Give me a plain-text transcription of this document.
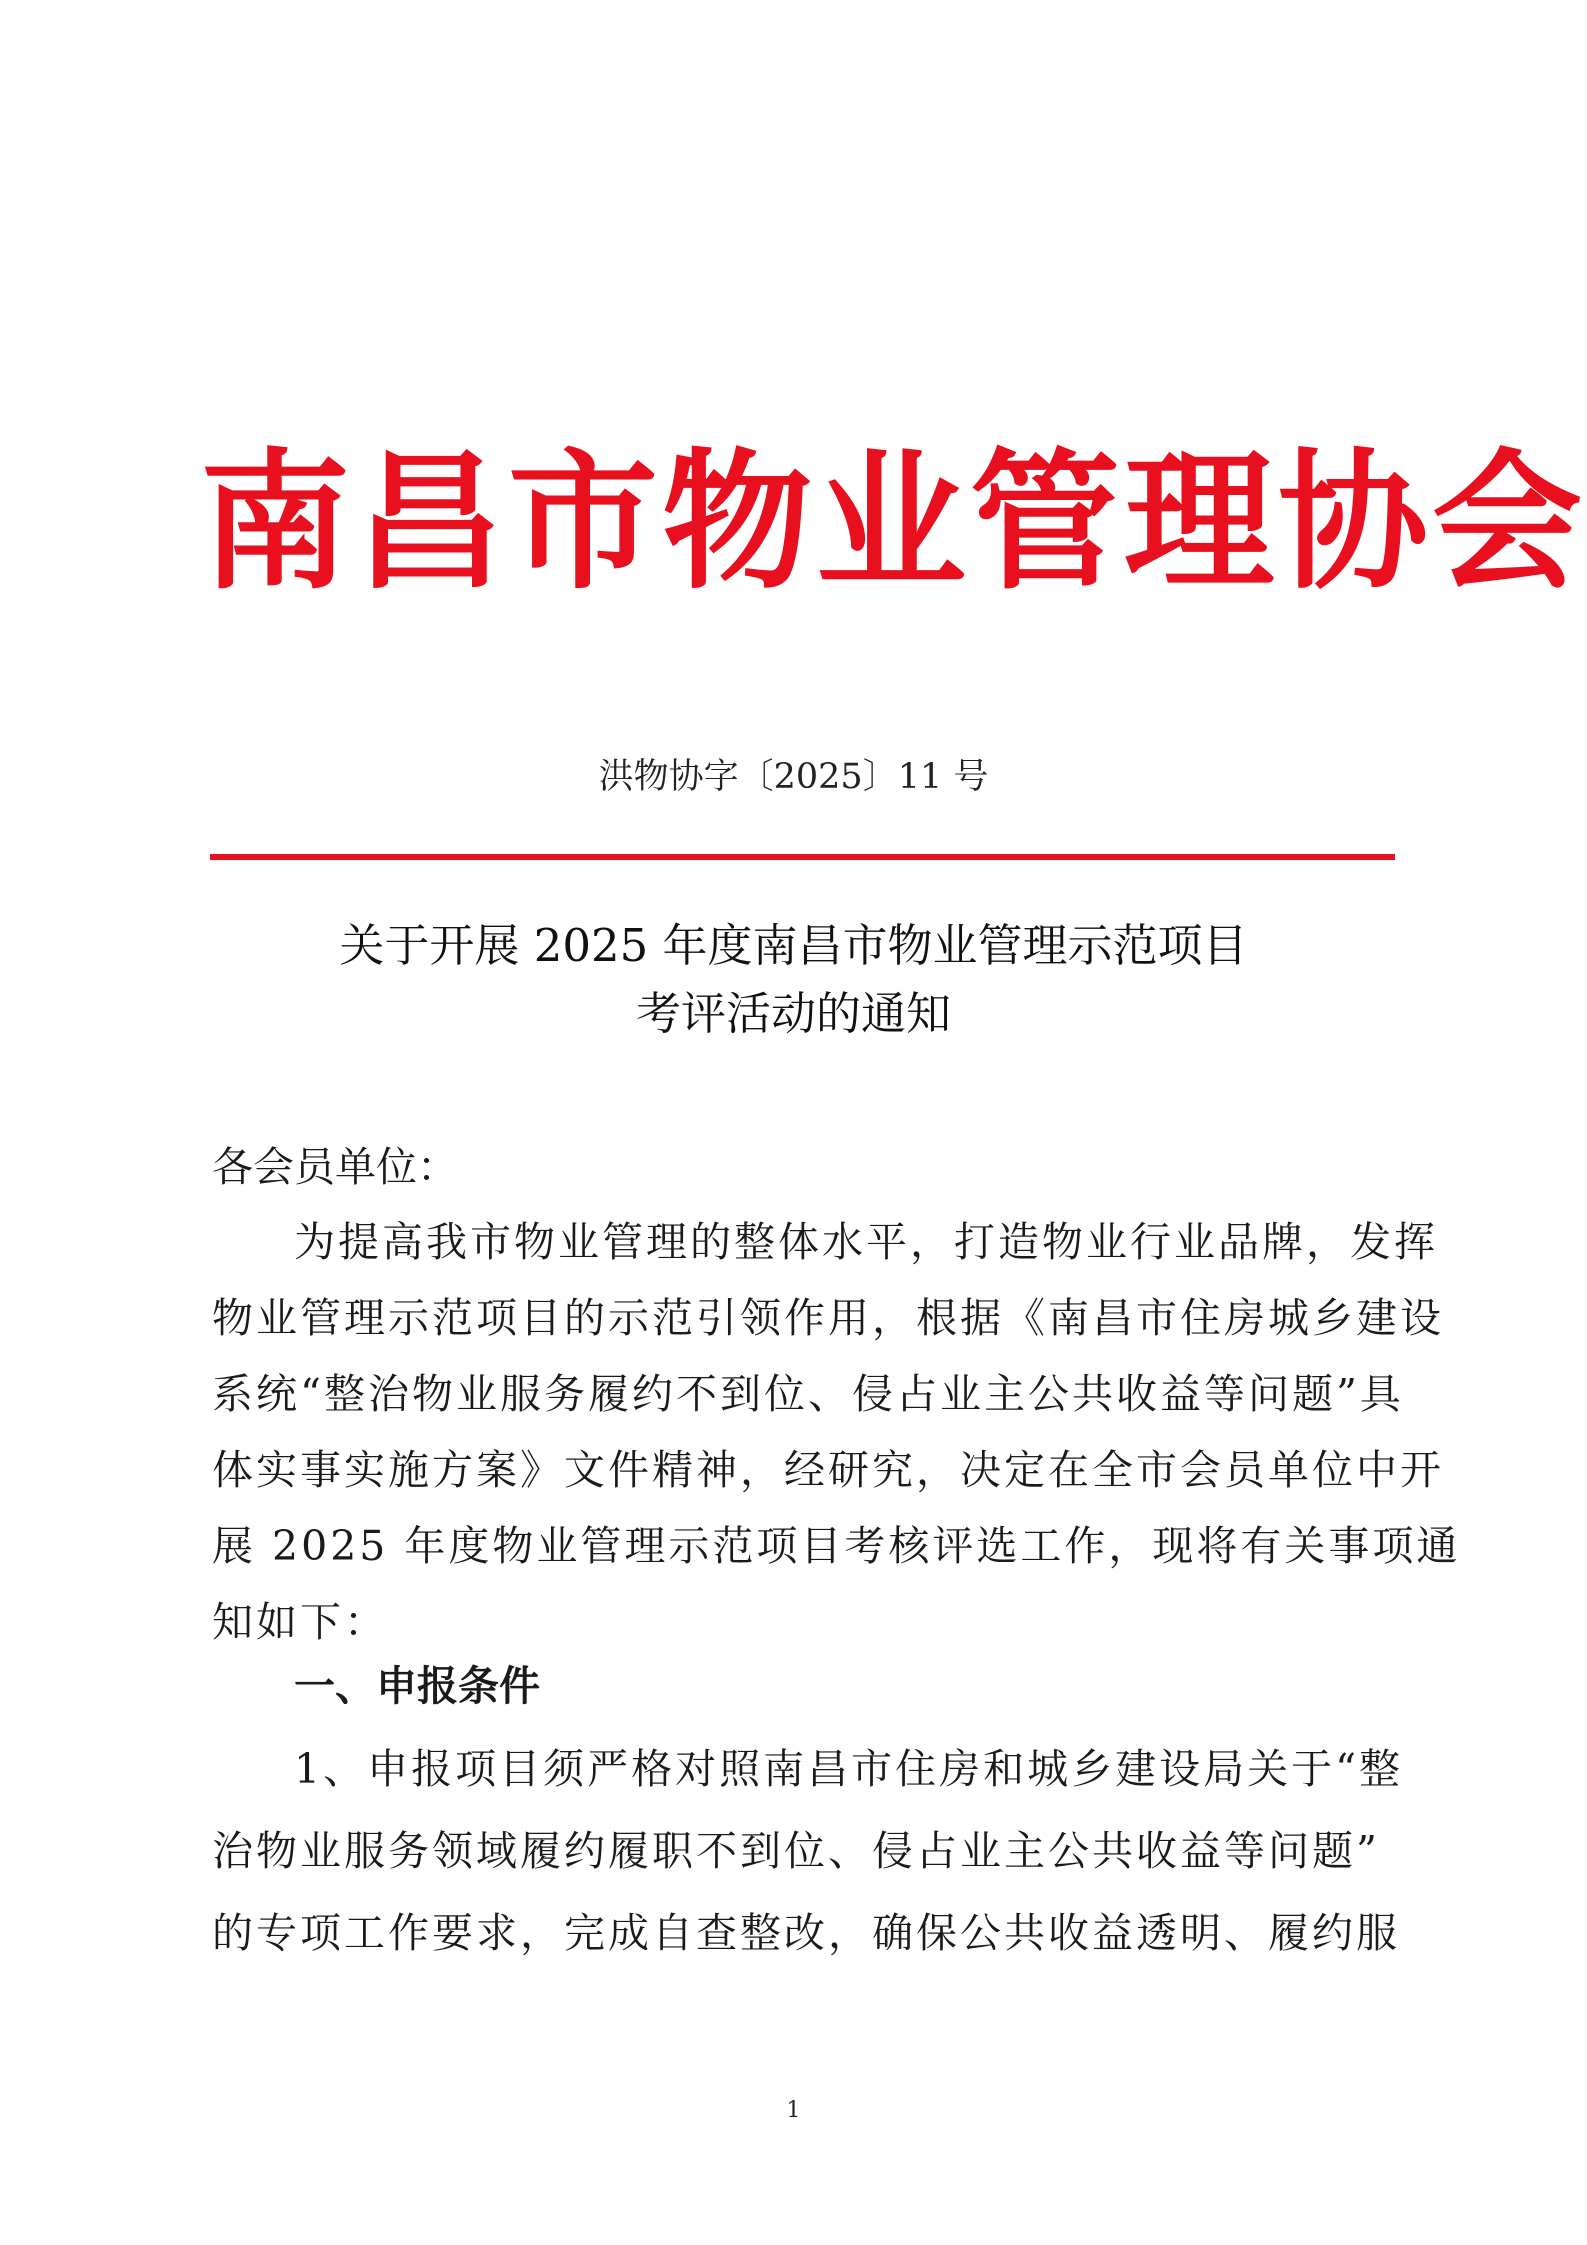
南昌市物业管理协会
洪物协字〔2025〕11 号
关于开展 2025 年度南昌市物业管理示范项目
考评活动的通知
各会员单位：
为提高我市物业管理的整体水平，打造物业行业品牌，发挥
物业管理示范项目的示范引领作用，根据《南昌市住房城乡建设
系统“整治物业服务履约不到位、侵占业主公共收益等问题”具
体实事实施方案》文件精神，经研究，决定在全市会员单位中开
展 2025 年度物业管理示范项目考核评选工作，现将有关事项通
知如下：
一、申报条件
1、申报项目须严格对照南昌市住房和城乡建设局关于“整
治物业服务领域履约履职不到位、侵占业主公共收益等问题”
的专项工作要求，完成自查整改，确保公共收益透明、履约服
1
